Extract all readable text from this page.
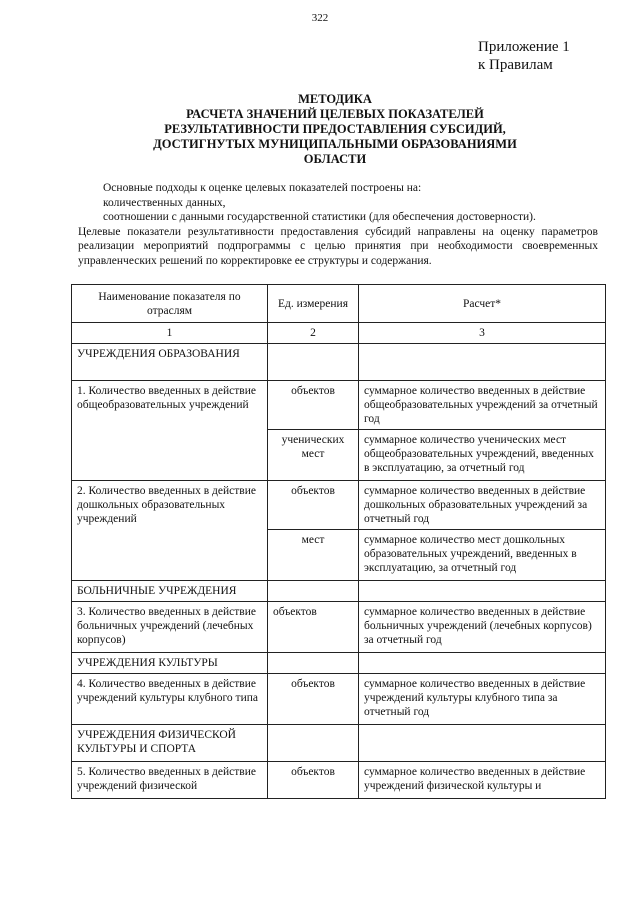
322
Приложение 1
к Правилам
МЕТОДИКА
РАСЧЕТА ЗНАЧЕНИЙ ЦЕЛЕВЫХ ПОКАЗАТЕЛЕЙ
РЕЗУЛЬТАТИВНОСТИ ПРЕДОСТАВЛЕНИЯ СУБСИДИЙ,
ДОСТИГНУТЫХ МУНИЦИПАЛЬНЫМИ ОБРАЗОВАНИЯМИ
ОБЛАСТИ

Основные подходы к оценке целевых показателей построены на:

количественных данных,

соотношении с данными государственной статистики (для обеспечения достоверности).

Целевые показатели результативности предоставления субсидий направлены на оценку параметров реализации мероприятий подпрограммы с целью принятия при необходимости своевременных управленческих решений по корректировке ее структуры и содержания.

Наименование показателя по отраслям	Ед. измерения	Расчет*
1	2	3
УЧРЕЖДЕНИЯ ОБРАЗОВАНИЯ		
1. Количество введенных в действие общеобразовательных учреждений	объектов	суммарное количество введенных в действие общеобразовательных учреждений за отчетный год
	ученических мест	суммарное количество ученических мест общеобразовательных учреждений, введенных в эксплуатацию, за отчетный год
2. Количество введенных в действие дошкольных образовательных учреждений	объектов	суммарное количество введенных в действие дошкольных образовательных учреждений за отчетный год
	мест	суммарное количество мест дошкольных образовательных учреждений, введенных в эксплуатацию, за отчетный год
БОЛЬНИЧНЫЕ УЧРЕЖДЕНИЯ		
3. Количество введенных в действие больничных учреждений (лечебных корпусов)	объектов	суммарное количество введенных в действие больничных учреждений (лечебных корпусов) за отчетный год
УЧРЕЖДЕНИЯ КУЛЬТУРЫ		
4. Количество введенных в действие учреждений культуры клубного типа	объектов	суммарное количество введенных в действие учреждений культуры клубного типа за отчетный год
УЧРЕЖДЕНИЯ ФИЗИЧЕСКОЙ КУЛЬТУРЫ И СПОРТА		
5. Количество введенных в действие учреждений физической	объектов	суммарное количество введенных в действие учреждений физической культуры и
